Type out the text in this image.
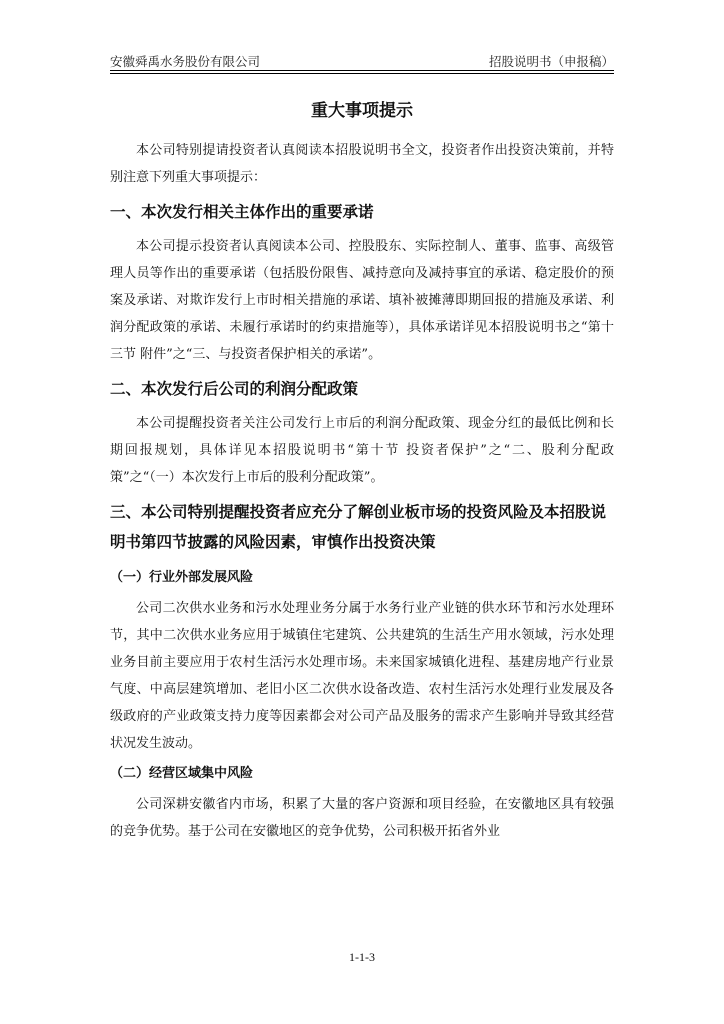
安徽舜禹水务股份有限公司	招股说明书（申报稿）
重大事项提示

本公司特别提请投资者认真阅读本招股说明书全文，投资者作出投资决策前，并特别注意下列重大事项提示：

一、本次发行相关主体作出的重要承诺

本公司提示投资者认真阅读本公司、控股股东、实际控制人、董事、监事、高级管理人员等作出的重要承诺（包括股份限售、减持意向及减持事宜的承诺、稳定股价的预案及承诺、对欺诈发行上市时相关措施的承诺、填补被摊薄即期回报的措施及承诺、利润分配政策的承诺、未履行承诺时的约束措施等），具体承诺详见本招股说明书之“第十三节 附件”之“三、与投资者保护相关的承诺”。

二、本次发行后公司的利润分配政策

本公司提醒投资者关注公司发行上市后的利润分配政策、现金分红的最低比例和长期回报规划，具体详见本招股说明书“第十节 投资者保护”之“二、股利分配政策”之“（一）本次发行上市后的股利分配政策”。

三、本公司特别提醒投资者应充分了解创业板市场的投资风险及本招股说明书第四节披露的风险因素，审慎作出投资决策
（一）行业外部发展风险

公司二次供水业务和污水处理业务分属于水务行业产业链的供水环节和污水处理环节，其中二次供水业务应用于城镇住宅建筑、公共建筑的生活生产用水领域，污水处理业务目前主要应用于农村生活污水处理市场。未来国家城镇化进程、基建房地产行业景气度、中高层建筑增加、老旧小区二次供水设备改造、农村生活污水处理行业发展及各级政府的产业政策支持力度等因素都会对公司产品及服务的需求产生影响并导致其经营状况发生波动。

（二）经营区域集中风险

公司深耕安徽省内市场，积累了大量的客户资源和项目经验，在安徽地区具有较强的竞争优势。基于公司在安徽地区的竞争优势，公司积极开拓省外业

1-1-3
